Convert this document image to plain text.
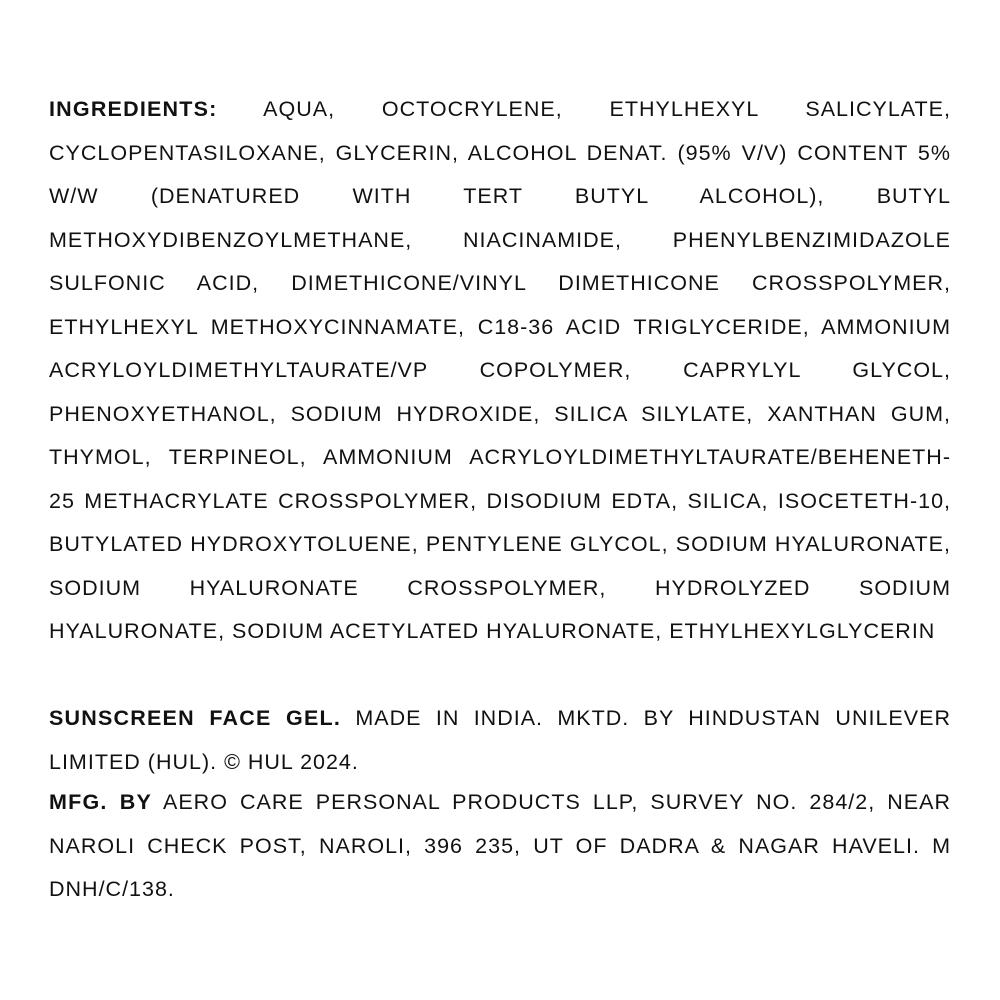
INGREDIENTS: AQUA, OCTOCRYLENE, ETHYLHEXYL SALICYLATE, CYCLOPENTASILOXANE, GLYCERIN, ALCOHOL DENAT. (95% V/V) CONTENT 5% W/W (DENATURED WITH TERT BUTYL ALCOHOL), BUTYL METHOXYDIBENZOYLMETHANE, NIACINAMIDE, PHENYLBENZIMIDAZOLE SULFONIC ACID, DIMETHICONE/VINYL DIMETHICONE CROSSPOLYMER, ETHYLHEXYL METHOXYCINNAMATE, C18-36 ACID TRIGLYCERIDE, AMMONIUM ACRYLOYLDIMETHYLTAURATE/VP COPOLYMER, CAPRYLYL GLYCOL, PHENOXYETHANOL, SODIUM HYDROXIDE, SILICA SILYLATE, XANTHAN GUM, THYMOL, TERPINEOL, AMMONIUM ACRYLOYLDIMETHYLTAURATE/BEHENETH- 25 METHACRYLATE CROSSPOLYMER, DISODIUM EDTA, SILICA, ISOCETETH-10, BUTYLATED HYDROXYTOLUENE, PENTYLENE GLYCOL, SODIUM HYALURONATE, SODIUM HYALURONATE CROSSPOLYMER, HYDROLYZED SODIUM HYALURONATE, SODIUM ACETYLATED HYALURONATE, ETHYLHEXYLGLYCERIN
SUNSCREEN FACE GEL. MADE IN INDIA. MKTD. BY HINDUSTAN UNILEVER LIMITED (HUL). © HUL 2024.
MFG. BY AERO CARE PERSONAL PRODUCTS LLP, SURVEY NO. 284/2, NEAR NAROLI CHECK POST, NAROLI, 396 235, UT OF DADRA & NAGAR HAVELI. M DNH/C/138.
